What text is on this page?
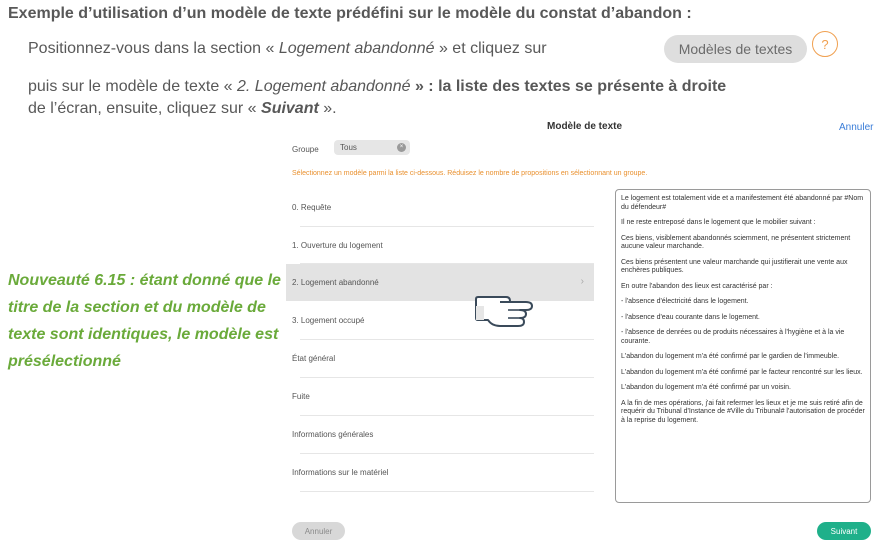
Exemple d’utilisation d’un modèle de texte prédéfini sur le modèle du constat d’abandon :
Positionnez-vous dans la section « Logement abandonné » et cliquez sur	Modèles de textes	?
puis sur le modèle de texte « 2. Logement abandonné » : la liste des textes se présente à droite
de l’écran, ensuite, cliquez sur « Suivant ».
Modèle de texte	Annuler
Groupe	Tous	×
Sélectionnez un modèle parmi la liste ci-dessous. Réduisez le nombre de propositions en sélectionnant un groupe.
0. Requête
1. Ouverture du logement
2. Logement abandonné	›
3. Logement occupé
État général
Fuite
Informations générales
Informations sur le matériel

Le logement est totalement vide et a manifestement été abandonné par #Nom du défendeur#

Il ne reste entreposé dans le logement que le mobilier suivant :

Ces biens, visiblement abandonnés sciemment, ne présentent strictement aucune valeur marchande.

Ces biens présentent une valeur marchande qui justifierait une vente aux enchères publiques.

En outre l'abandon des lieux est caractérisé par :

- l'absence d'électricité dans le logement.

- l'absence d'eau courante dans le logement.

- l'absence de denrées ou de produits nécessaires à l'hygiène et à la vie courante.

L'abandon du logement m'a été confirmé par le gardien de l'immeuble.

L'abandon du logement m'a été confirmé par le facteur rencontré sur les lieux.

L'abandon du logement m'a été confirmé par un voisin.

A la fin de mes opérations, j'ai fait refermer les lieux et je me suis retiré afin de requérir du Tribunal d'Instance de #Ville du Tribunal# l'autorisation de procéder à la reprise du logement.

Nouveauté 6.15 : étant donné que le titre de la section et du modèle de texte sont identiques, le modèle est présélectionné
Annuler	Suivant
